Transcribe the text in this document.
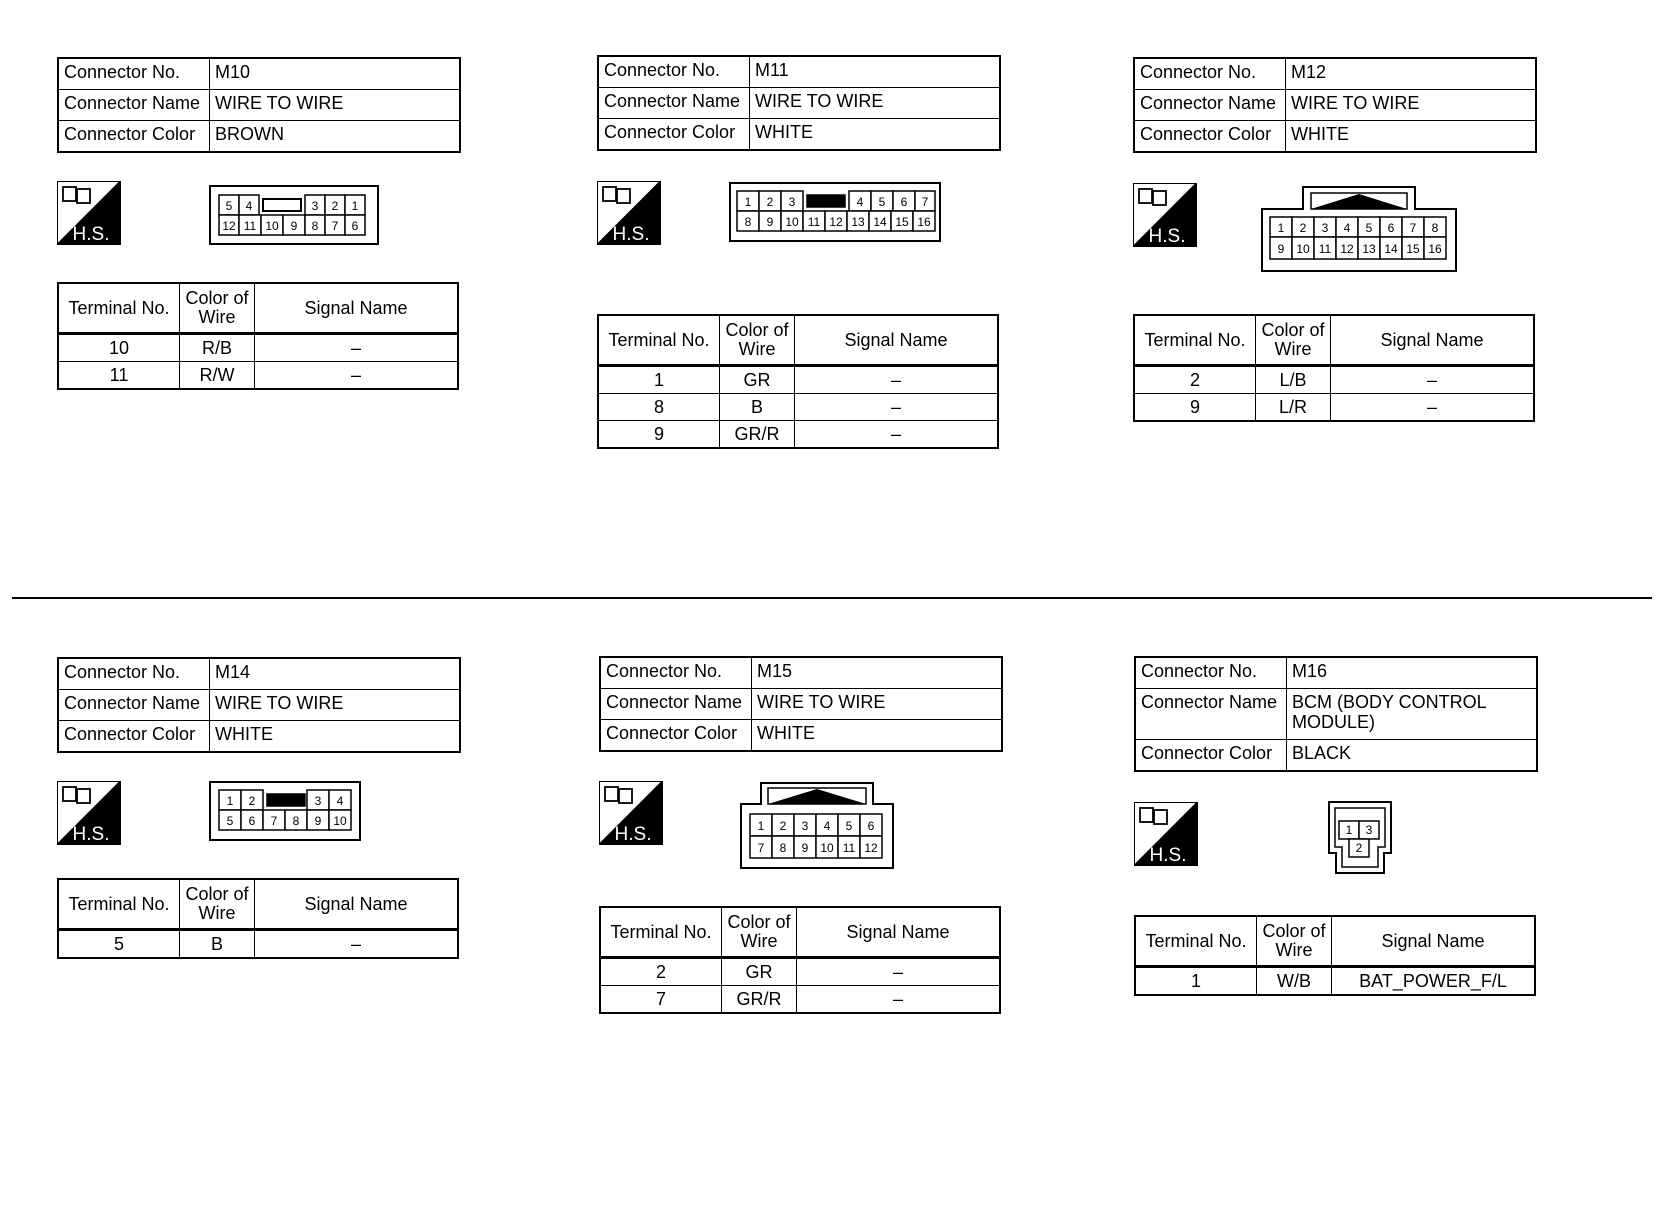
Connector No.	M10
Connector Name	WIRE TO WIRE
Connector Color	BROWN
H.S.
5 4	3 2 1
12 11 10 9 8 7 6
Terminal No.	Color of Wire	Signal Name
10	R/B	–
11	R/W	–
Connector No.	M11
Connector Name	WIRE TO WIRE
Connector Color	WHITE
H.S.
1 2 3	4 5 6 7
8 9 10 11 12 13 14 15 16
Terminal No.	Color of Wire	Signal Name
1	GR	–
8	B	–
9	GR/R	–
Connector No.	M12
Connector Name	WIRE TO WIRE
Connector Color	WHITE
H.S.	1 2 3 4 5 6 7 8
9 10 11 12 13 14 15 16
Terminal No.	Color of Wire	Signal Name
2	L/B	–
9	L/R	–
Connector No.	M14
Connector Name	WIRE TO WIRE
Connector Color	WHITE
H.S.
1 2	3 4
5 6 7 8 9 10
Terminal No.	Color of Wire	Signal Name
5	B	–
Connector No.	M15
Connector Name	WIRE TO WIRE
Connector Color	WHITE
H.S.	1 2 3 4 5 6
7 8 9 10 11 12
Terminal No.	Color of Wire	Signal Name
2	GR	–
7	GR/R	–
Connector No.	M16
Connector Name	BCM (BODY CONTROL MODULE)
Connector Color	BLACK
H.S.
1 3
2
Terminal No.	Color of Wire	Signal Name
1	W/B	BAT_POWER_F/L
